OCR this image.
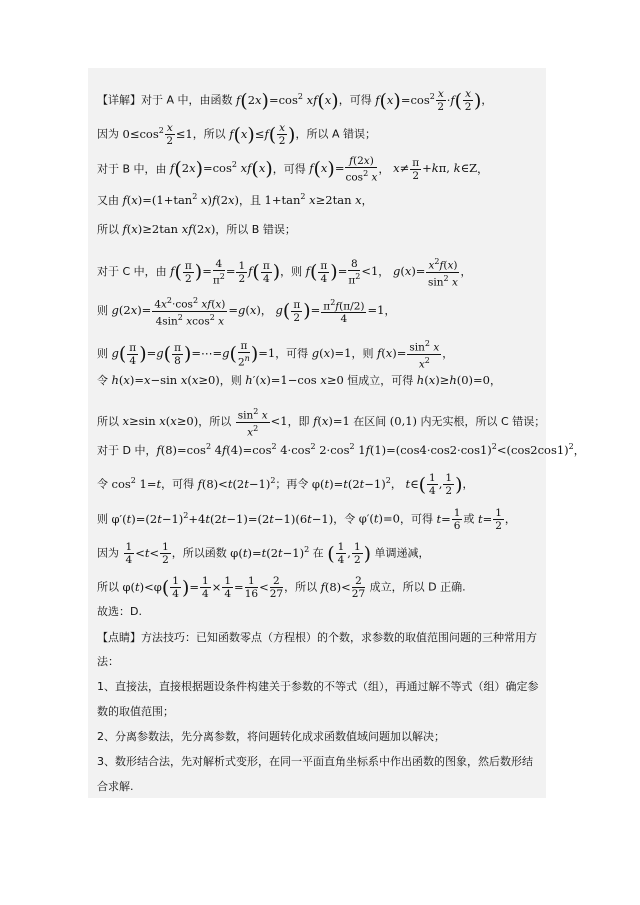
【详解】对于 A 中，由函数 $f(2x)=\cos^2$ xf(x)，可得 $f(x)=\cos^2 \frac{x}{2} \cdot f( \frac{x}{2}$ )，
因为 $0\le\cos^2 \frac{x}{2} \le 1$，所以 $f(x)\le f( \frac{x}{2}$ )，所以 A 错误；
对于 B 中，由 $f(2x)=\cos^2$ xf(x)，可得 $f(x)= \frac{f(2x)}{\cos^2 x}$ ， $x\ne \frac{\pi}{2} +k\pi$, k∈Z，
又由 $f(x)=(1+\tan^2$ x)f(2x)，且 $1+\tan^2$ x≥2tan x，
所以 f(x)≥2tan xf(2x)，所以 B 错误；
对于 C 中，由 $f( \frac{\pi}{2}$ )= $\frac{4}{\pi^2} = \frac{1}{2} f( \frac{\pi}{4}$ )，则 $f( \frac{\pi}{4}$ )= $\frac{8}{\pi^2} <1$， $g(x)= \frac{x^2f(x)}{\sin^2 x}$ ，
则 $g(2x)= \frac{4x^2\cdot\cos^2 xf(x)}{4\sin^2 xcos^2 x} =g(x)$， $g( \frac{\pi}{2}$ )= $\frac{\pi^2f(\pi/2)}{4} =1$，
则 $g( \frac{\pi}{4} )=g( \frac{\pi}{8}$ )=⋯=g( $\frac{\pi}{2^n} )=1$，可得 g(x)=1，则 $f(x)= \frac{\sin^2 x}{x^2}$ ，
令 h(x)=x−sin x(x≥0)，则 h′(x)=1−cos x≥0 恒成立，可得 h(x)≥h(0)=0，
所以 x≥sin x(x≥0)，所以 $\frac{\sin^2 x}{x^2} <1$，即 f(x)=1 在区间 (0,1) 内无实根，所以 C 错误；
对于 D 中，$f(8)=\cos^2$ $4f(4)=\cos^2$ $4\cdot\cos^2$ $2\cdot\cos^2$ $1f(1)=(\cos 4\cdot\cos 2\cdot\cos 1)^2<(\cos 2\cos 1)^2$，
令 $\cos^2 1=t$，可得 $f(8)<t(2t-1)^2$；再令 $\varphi(t)=t(2t-1)^2$， t∈( $\frac{1}{4}$ , $\frac{1}{2}$ )，
则 $\varphi'(t)=(2t-1)^2+4t(2t-1)=(2t-1)(6t-1)$，令 φ′(t)=0，可得 $t= \frac{1}{6}$ 或 $t= \frac{1}{2}$ ，
因为 $\frac{1}{4} <t< \frac{1}{2}$ ，所以函数 $\varphi(t)=t(2t-1)^2$ 在 ( $\frac{1}{4}$ , $\frac{1}{2}$ ) 单调递减，
所以 $\varphi(t)<\varphi( \frac{1}{4}$ )= $\frac{1}{4} \times \frac{1}{4} = \frac{1}{16} < \frac{2}{27}$ ，所以 $f(8)< \frac{2}{27}$ 成立，所以 D 正确.
故选：D.
【点睛】方法技巧：已知函数零点（方程根）的个数，求参数的取值范围问题的三种常用方
法：
1、直接法，直接根据题设条件构建关于参数的不等式（组），再通过解不等式（组）确定参
数的取值范围；
2、分离参数法，先分离参数，将问题转化成求函数值域问题加以解决；
3、数形结合法，先对解析式变形，在同一平面直角坐标系中作出函数的图象，然后数形结
合求解.
